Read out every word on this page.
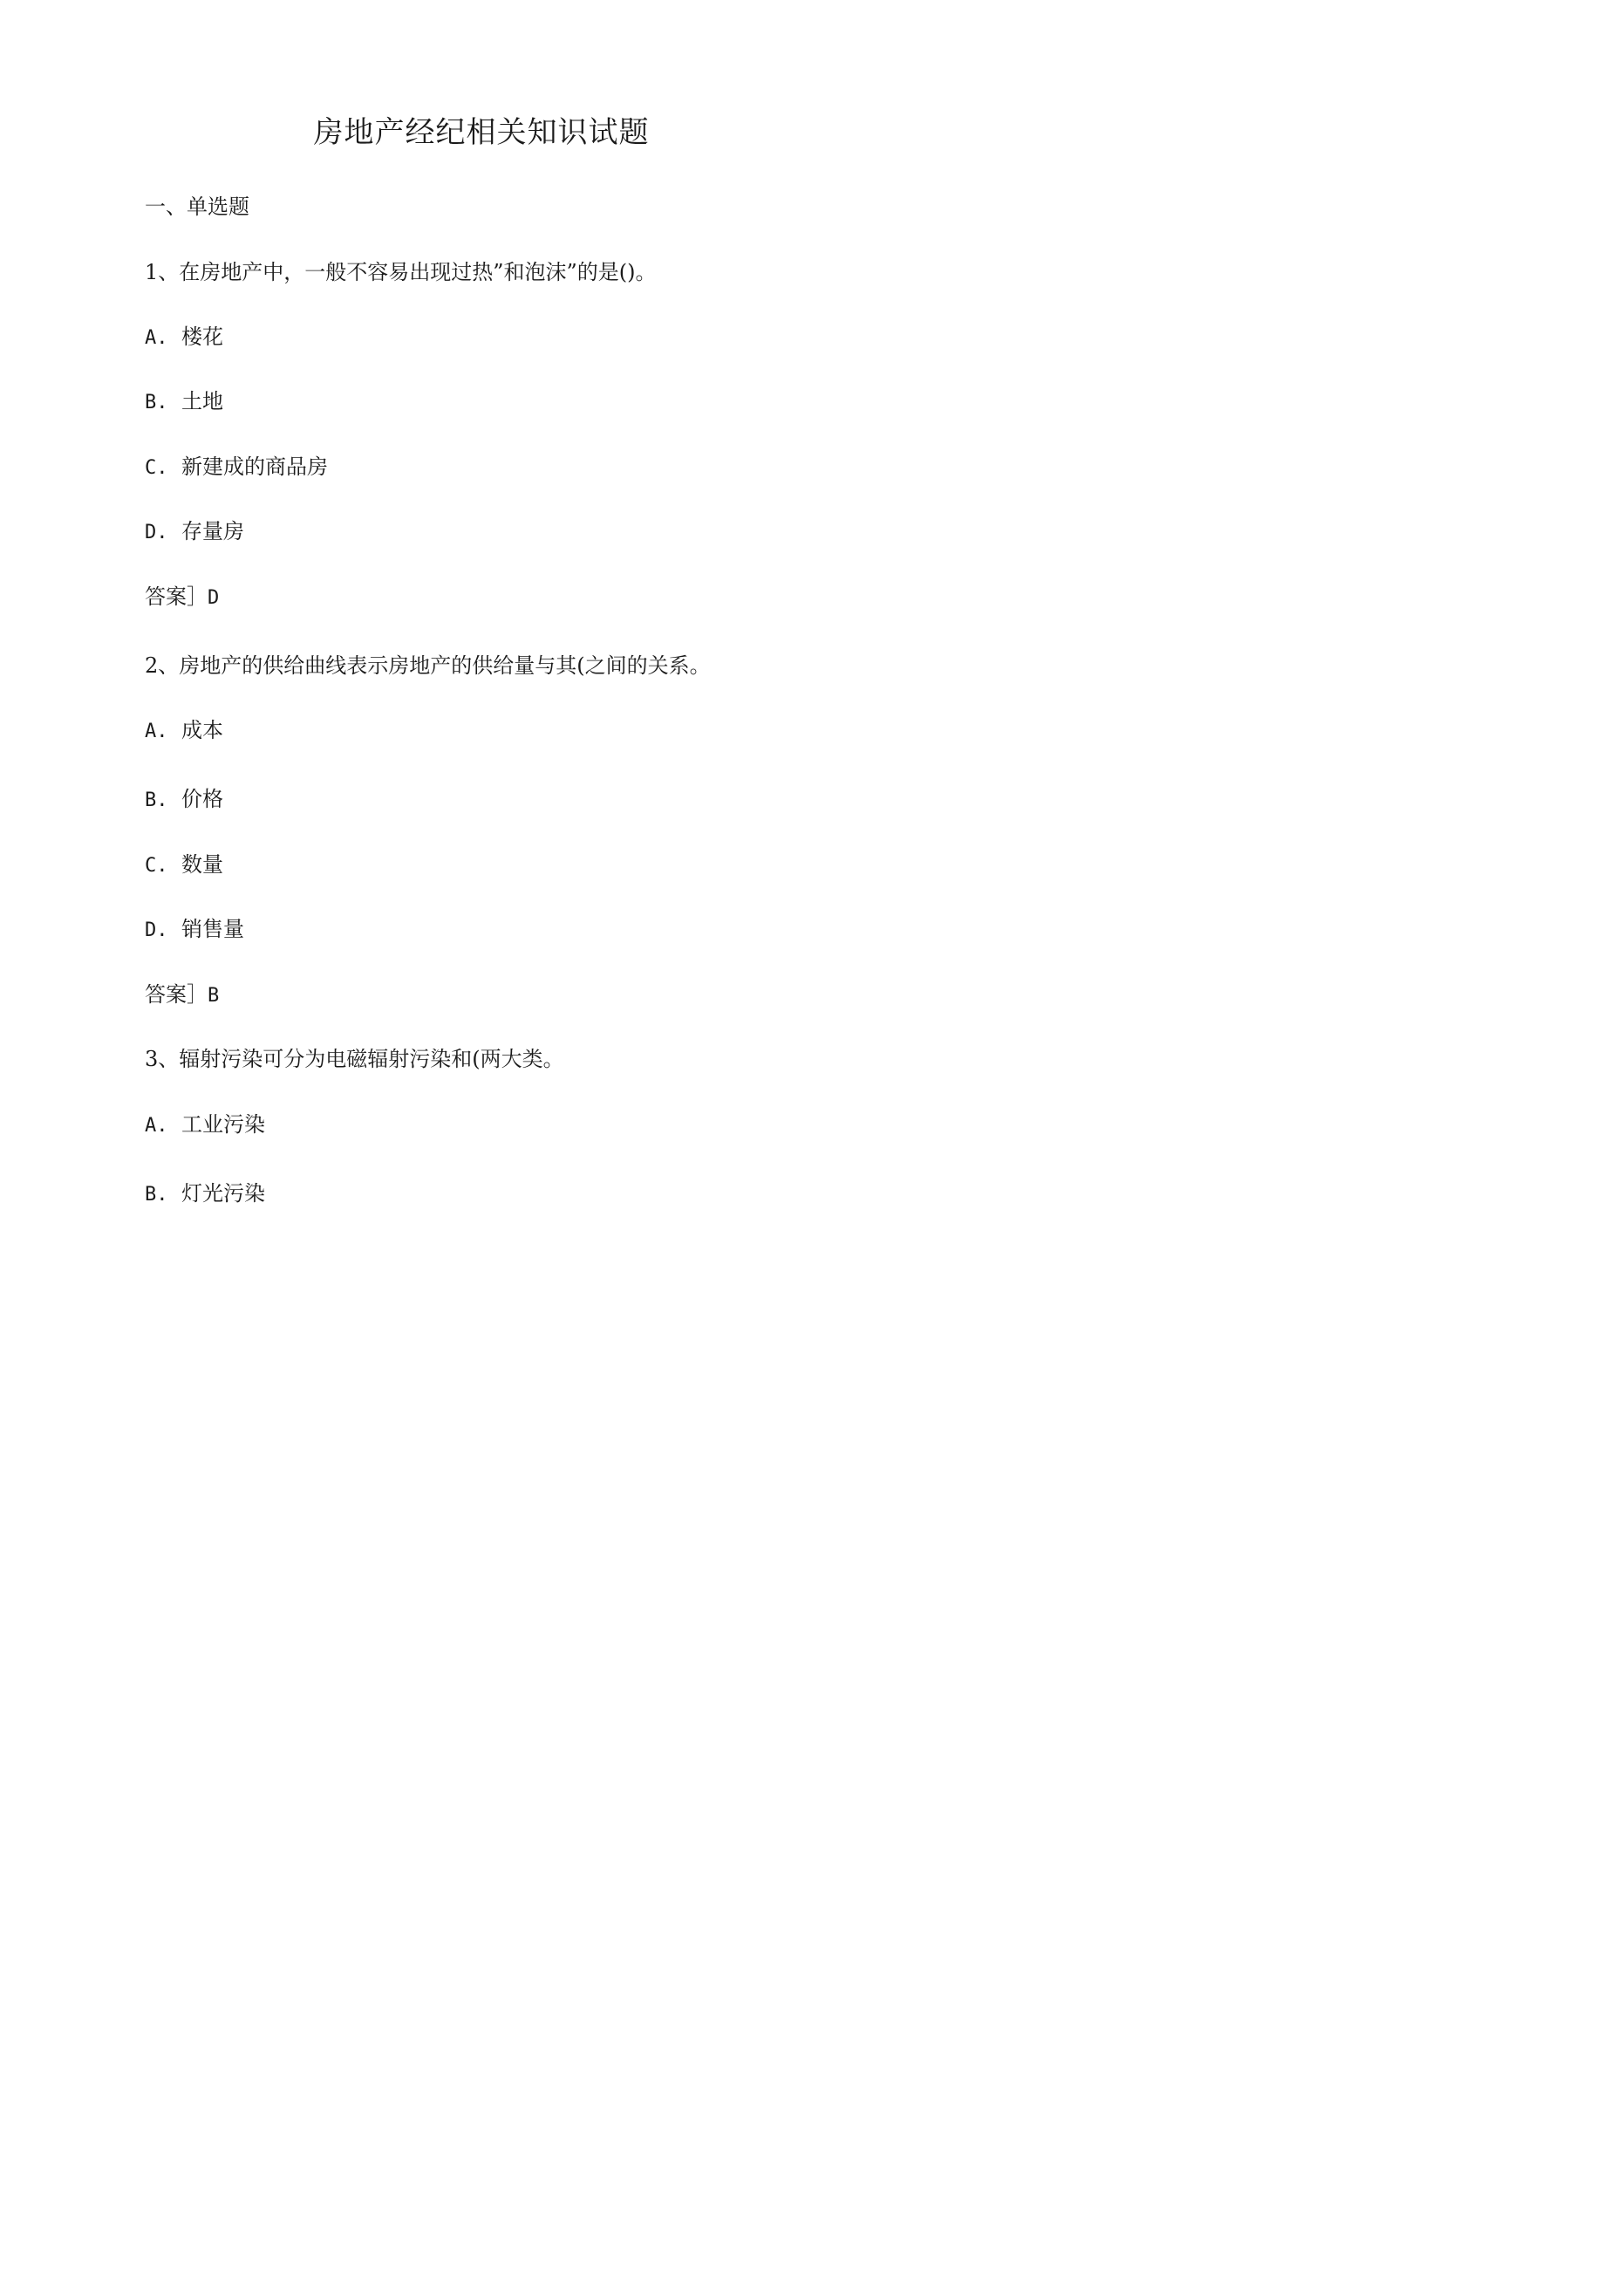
房地产经纪相关知识试题
一、单选题
1、在房地产中，一般不容易出现过热”和泡沫”的是()。
A. 楼花
B. 土地
C. 新建成的商品房
D. 存量房
答案］D
2、房地产的供给曲线表示房地产的供给量与其(之间的关系。
A. 成本
B. 价格
C. 数量
D. 销售量
答案］B
3、辐射污染可分为电磁辐射污染和(两大类。
A. 工业污染
B. 灯光污染
